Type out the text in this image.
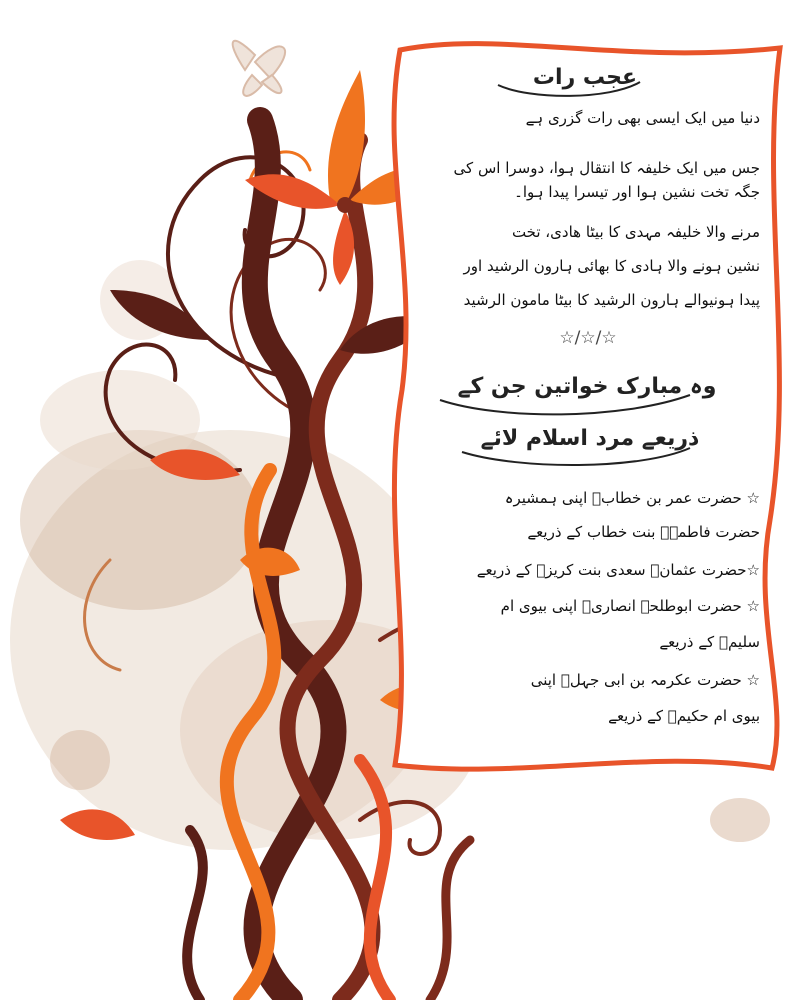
عجب رات
دنیا میں ایک ایسی بھی رات گزری ہے
جس میں ایک خلیفہ کا انتقال ہوا، دوسرا اس کی
جگہ تخت نشین ہوا اور تیسرا پیدا ہوا۔
مرنے والا خلیفہ مہدی کا بیٹا ھادی، تخت
نشین ہونے والا ہادی کا بھائی ہارون الرشید اور
پیدا ہونیوالے ہارون الرشید کا بیٹا مامون الرشید
☆/☆/☆
وہ مبارک خواتین جن کے
ذریعے مرد اسلام لائے
☆ حضرت عمر بن خطابؓ اپنی ہمشیرہ
حضرت فاطمہؓ بنت خطاب کے ذریعے
☆حضرت عثمانؓ سعدی بنت کریزؓ کے ذریعے
☆ حضرت ابوطلحہ انصاریؓ اپنی بیوی ام
سلیمؓ کے ذریعے
☆ حضرت عکرمہ بن ابی جہلؓ اپنی
بیوی ام حکیمؓ کے ذریعے
